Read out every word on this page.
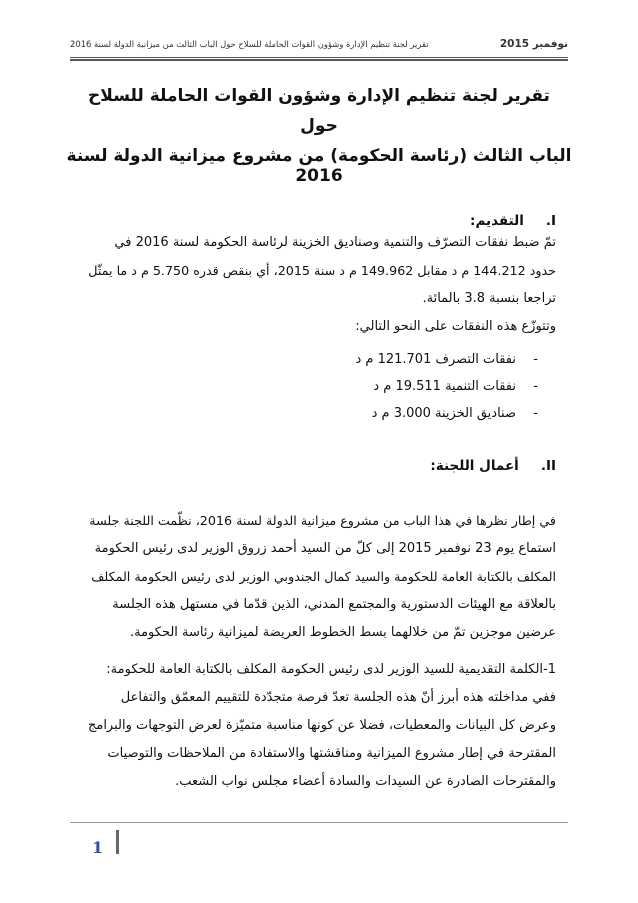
نوفمبر 2015
تقرير لجنة تنظيم الإدارة وشؤون القوات الحاملة للسلاح حول الباب الثالث من ميزانية الدولة لسنة 2016
تقرير لجنة تنظيم الإدارة وشؤون القوات الحاملة للسلاح
حول
الباب الثالث (رئاسة الحكومة) من مشروع ميزانية الدولة لسنة 2016
I.التقديم:
تمّ ضبط نفقات التصرّف والتنمية وصناديق الخزينة لرئاسة الحكومة لسنة 2016 في
حدود 144.212 م د مقابل 149.962 م د سنة 2015، أي بنقص قدره 5.750 م د ما يمثّل
تراجعا بنسبة 3.8 بالمائة.
وتتوزّع هذه النفقات على النحو التالي:
-نفقات التصرف 121.701 م د
-نفقات التنمية 19.511 م د
-صناديق الخزينة 3.000 م د
II.أعمال اللجنة:
في إطار نظرها في هذا الباب من مشروع ميزانية الدولة لسنة 2016، نظّمت اللجنة جلسة
استماع يوم 23 نوفمبر 2015 إلى كلّ من السيد أحمد زروق الوزير لدى رئيس الحكومة
المكلف بالكتابة العامة للحكومة والسيد كمال الجندوبي الوزير لدى رئيس الحكومة المكلف
بالعلاقة مع الهيئات الدستورية والمجتمع المدني، الذين قدّما في مستهل هذه الجلسة
عرضين موجزين تمّ من خلالهما بسط الخطوط العريضة لميزانية رئاسة الحكومة.
1-الكلمة التقديمية للسيد الوزير لدى رئيس الحكومة المكلف بالكتابة العامة للحكومة:
ففي مداخلته هذه أبرز أنّ هذه الجلسة تعدّ فرصة متجدّدة للتقييم المعمّق والتفاعل
وعرض كل البيانات والمعطيات، فضلا عن كونها مناسبة متميّزة لعرض التوجهات والبرامج
المقترحة في إطار مشروع الميزانية ومناقشتها والاستفادة من الملاحظات والتوصيات
والمقترحات الصادرة عن السيدات والسادة أعضاء مجلس نواب الشعب.
1
